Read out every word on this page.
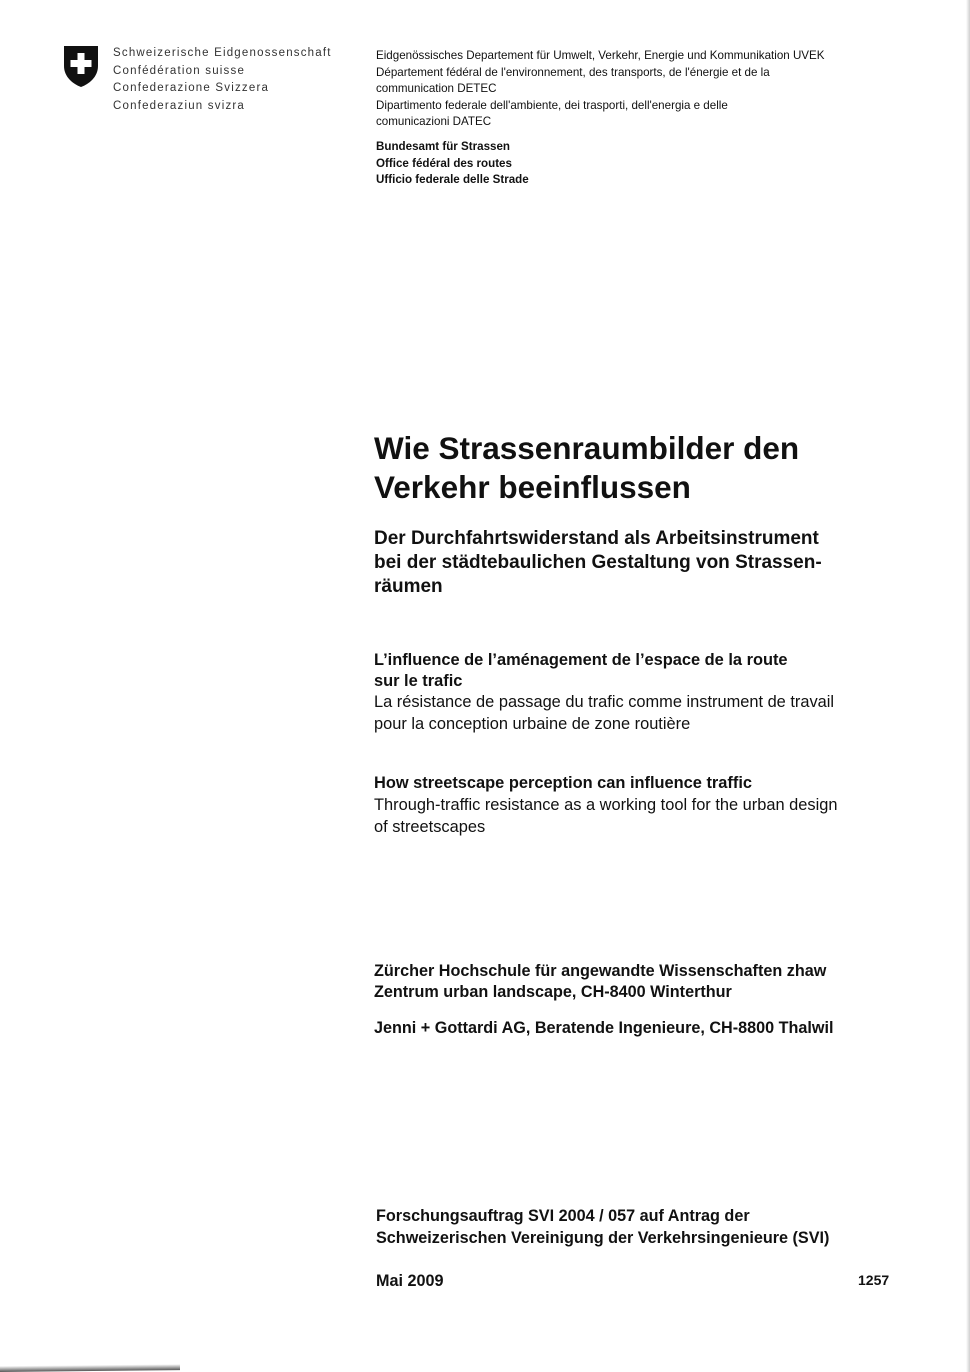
Schweizerische Eidgenossenschaft
Confédération suisse
Confederazione Svizzera
Confederaziun svizra
Eidgenössisches Departement für Umwelt, Verkehr, Energie und Kommunikation UVEK
Département fédéral de l'environnement, des transports, de l'énergie et de la
communication DETEC
Dipartimento federale dell'ambiente, dei trasporti, dell'energia e delle
comunicazioni DATEC
Bundesamt für Strassen
Office fédéral des routes
Ufficio federale delle Strade
Wie Strassenraumbilder den
Verkehr beeinflussen
Der Durchfahrtswiderstand als Arbeitsinstrument
bei der städtebaulichen Gestaltung von Strassen-
räumen
L’influence de l’aménagement de l’espace de la route
sur le trafic
La résistance de passage du trafic comme instrument de travail
pour la conception urbaine de zone routière
How streetscape perception can influence traffic
Through-traffic resistance as a working tool for the urban design
of streetscapes
Zürcher Hochschule für angewandte Wissenschaften zhaw
Zentrum urban landscape, CH-8400 Winterthur
Jenni + Gottardi AG, Beratende Ingenieure, CH-8800 Thalwil
Forschungsauftrag SVI 2004 / 057 auf Antrag der
Schweizerischen Vereinigung der Verkehrsingenieure (SVI)
Mai 2009	1257
